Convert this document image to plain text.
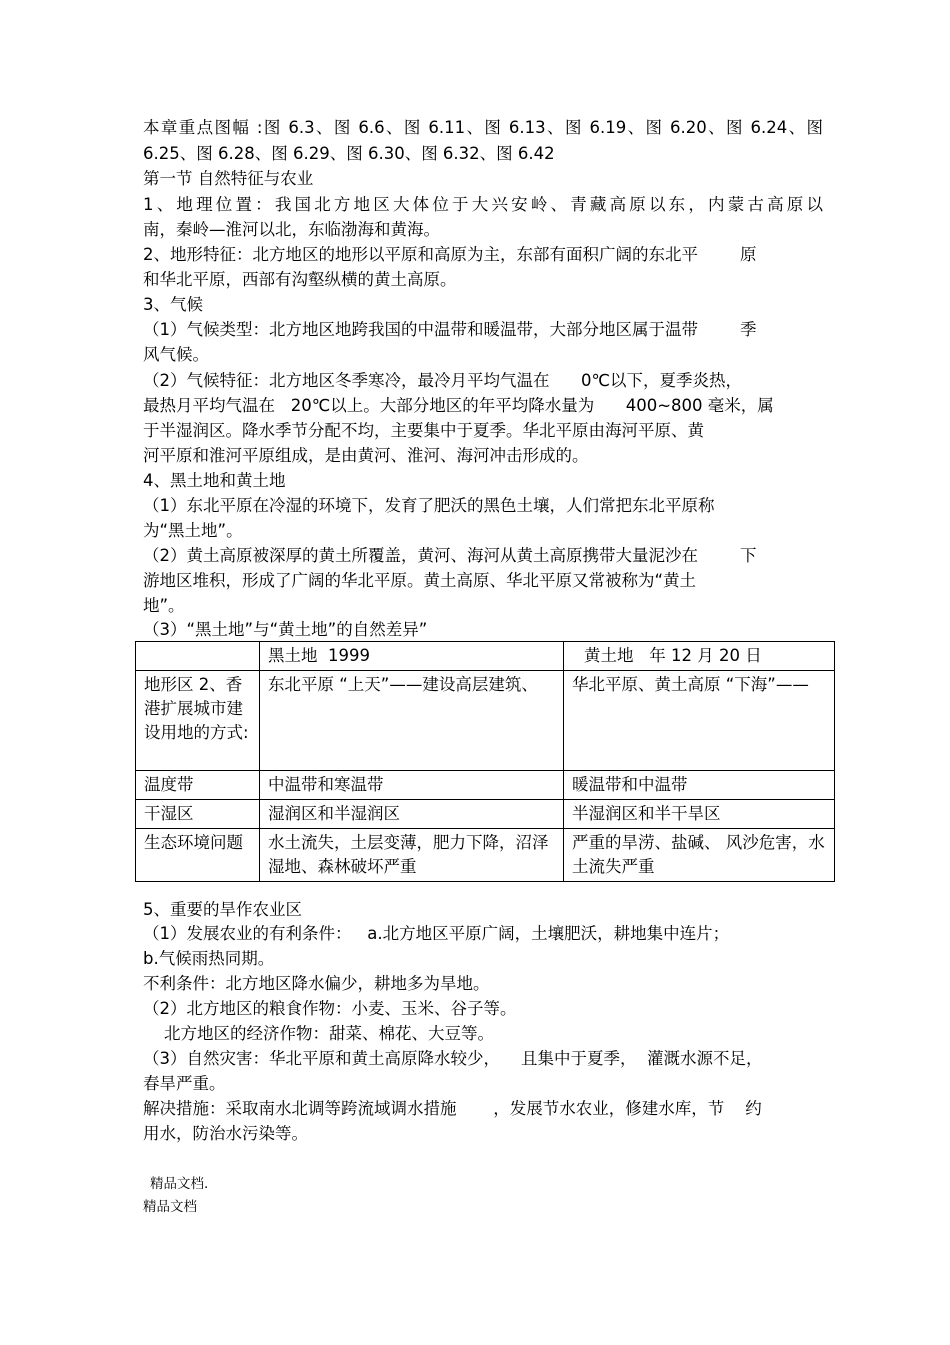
本章重点图幅 :图 6.3、图 6.6、图 6.11、图 6.13、图 6.19、图 6.20、图 6.24、图
6.25、图 6.28、图 6.29、图 6.30、图 6.32、图 6.42
第一节 自然特征与农业
1、地理位置：我国北方地区大体位于大兴安岭、青藏高原以东，内蒙古高原以
南，秦岭—淮河以北，东临渤海和黄海。
2、地形特征：北方地区的地形以平原和高原为主，东部有面积广阔的东北平        原
和华北平原，西部有沟壑纵横的黄土高原。
3、气候
（1）气候类型：北方地区地跨我国的中温带和暖温带，大部分地区属于温带        季
风气候。
（2）气候特征：北方地区冬季寒冷，最冷月平均气温在      0℃以下，夏季炎热，
最热月平均气温在   20℃以上。大部分地区的年平均降水量为      400~800 毫米，属
于半湿润区。降水季节分配不均，主要集中于夏季。华北平原由海河平原、黄
河平原和淮河平原组成，是由黄河、淮河、海河冲击形成的。
4、黑土地和黄土地
（1）东北平原在冷湿的环境下，发育了肥沃的黑色土壤，人们常把东北平原称
为“黑土地”。
（2）黄土高原被深厚的黄土所覆盖，黄河、海河从黄土高原携带大量泥沙在        下
游地区堆积，形成了广阔的华北平原。黄土高原、华北平原又常被称为“黄土
地”。
（3）“黑土地”与“黄土地”的自然差异”
	黑土地  1999	黄土地   年 12 月 20 日
地形区 2、香港扩展城市建设用地的方式:	东北平原 “上天”——建设高层建筑、	华北平原、黄土高原 “下海”——
温度带	中温带和寒温带	暖温带和中温带
干湿区	湿润区和半湿润区	半湿润区和半干旱区
生态环境问题	水土流失，土层变薄，肥力下降，沼泽湿地、森林破坏严重	严重的旱涝、盐碱、 风沙危害，水土流失严重
5、重要的旱作农业区
（1）发展农业的有利条件：   a.北方地区平原广阔，土壤肥沃，耕地集中连片；
b.气候雨热同期。
不利条件：北方地区降水偏少，耕地多为旱地。
（2）北方地区的粮食作物：小麦、玉米、谷子等。
北方地区的经济作物：甜菜、棉花、大豆等。
（3）自然灾害：华北平原和黄土高原降水较少，    且集中于夏季，  灌溉水源不足，
春旱严重。
解决措施：采取南水北调等跨流域调水措施       ，发展节水农业，修建水库，节    约
用水，防治水污染等。
精品文档.
精品文档
